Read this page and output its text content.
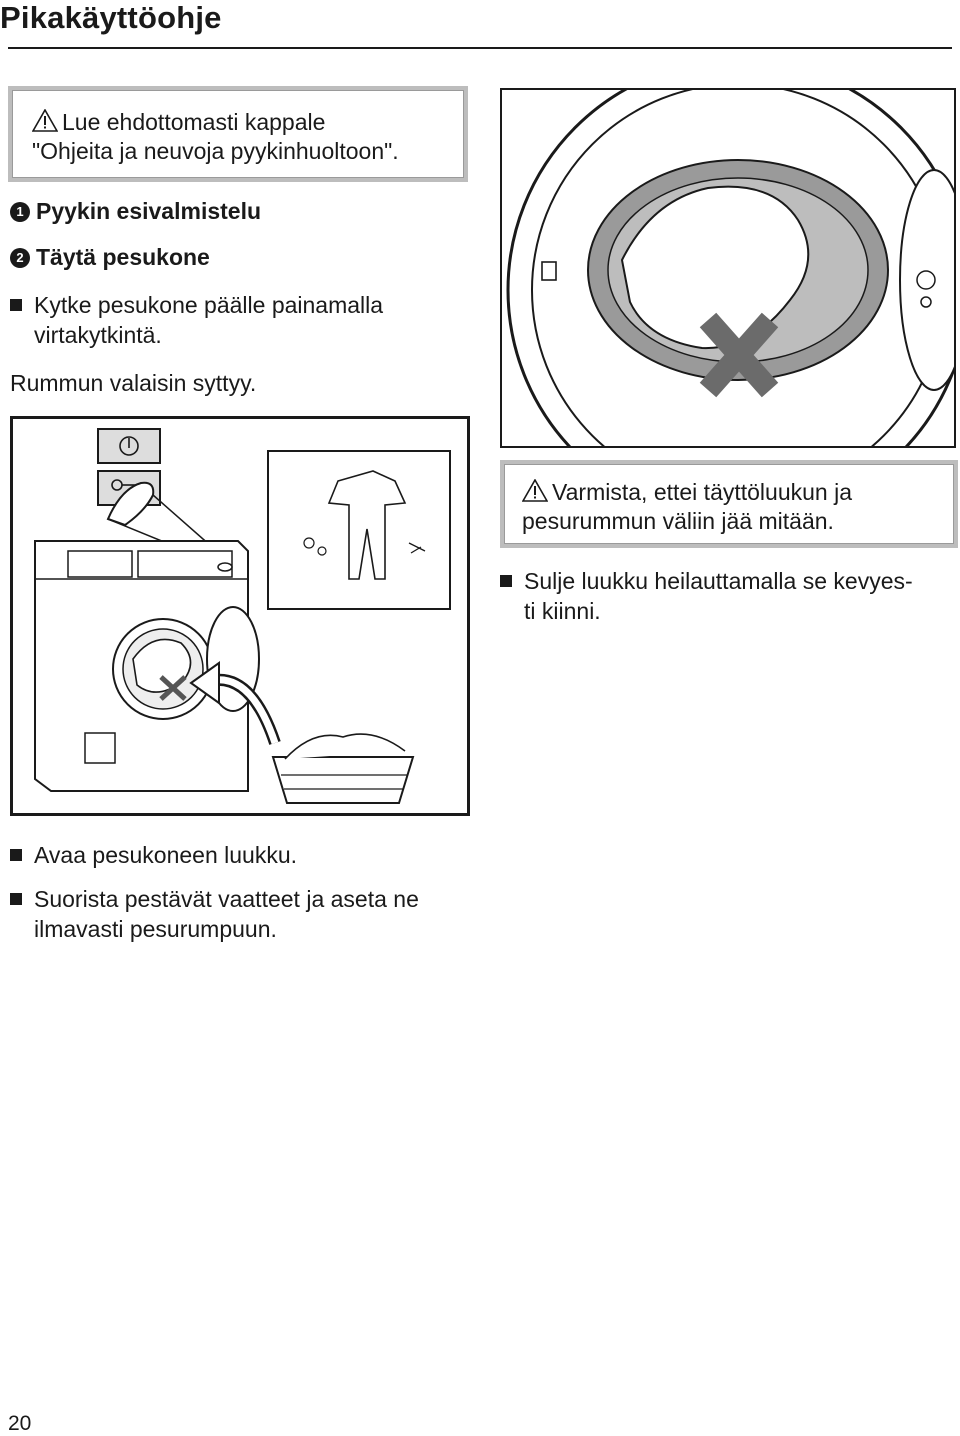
Pikakäyttöohje
Lue ehdottomasti kappale
"Ohjeita ja neuvoja pyykinhuoltoon".
1 Pyykin esivalmistelu
2 Täytä pesukone
Kytke pesukone päälle painamalla
virtakytkintä.
Rummun valaisin syttyy.
Varmista, ettei täyttöluukun ja
pesurummun väliin jää mitään.
Sulje luukku heilauttamalla se kevyes-
ti kiinni.
Avaa pesukoneen luukku.
Suorista pestävät vaatteet ja aseta ne
ilmavasti pesurumpuun.
20
